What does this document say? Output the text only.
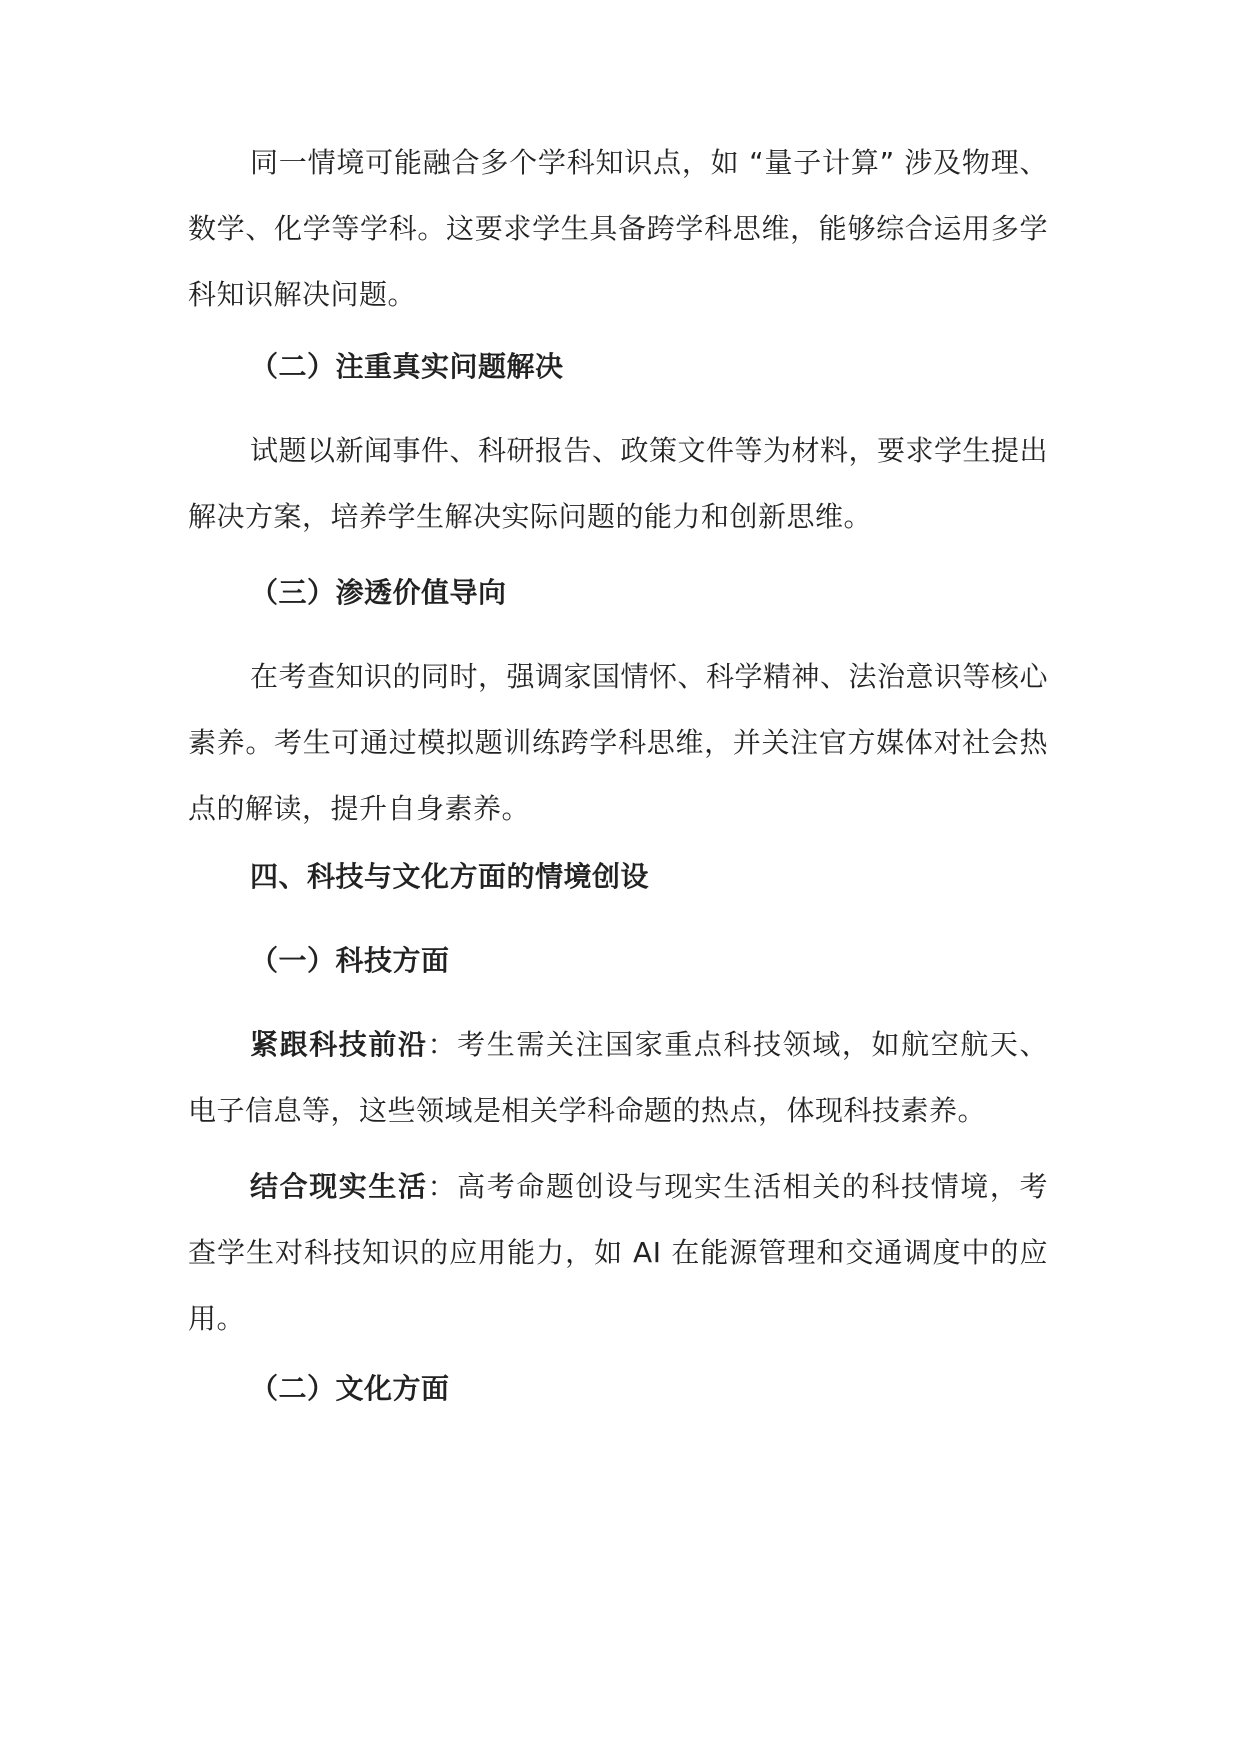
同一情境可能融合多个学科知识点，如 “量子计算” 涉及物理、数学、化学等学科。这要求学生具备跨学科思维，能够综合运用多学科知识解决问题。

（二）注重真实问题解决

试题以新闻事件、科研报告、政策文件等为材料，要求学生提出解决方案，培养学生解决实际问题的能力和创新思维。

（三）渗透价值导向

在考查知识的同时，强调家国情怀、科学精神、法治意识等核心素养。考生可通过模拟题训练跨学科思维，并关注官方媒体对社会热点的解读，提升自身素养。

四、科技与文化方面的情境创设

（一）科技方面

紧跟科技前沿：考生需关注国家重点科技领域，如航空航天、电子信息等，这些领域是相关学科命题的热点，体现科技素养。

结合现实生活：高考命题创设与现实生活相关的科技情境，考查学生对科技知识的应用能力，如 AI 在能源管理和交通调度中的应用。

（二）文化方面
